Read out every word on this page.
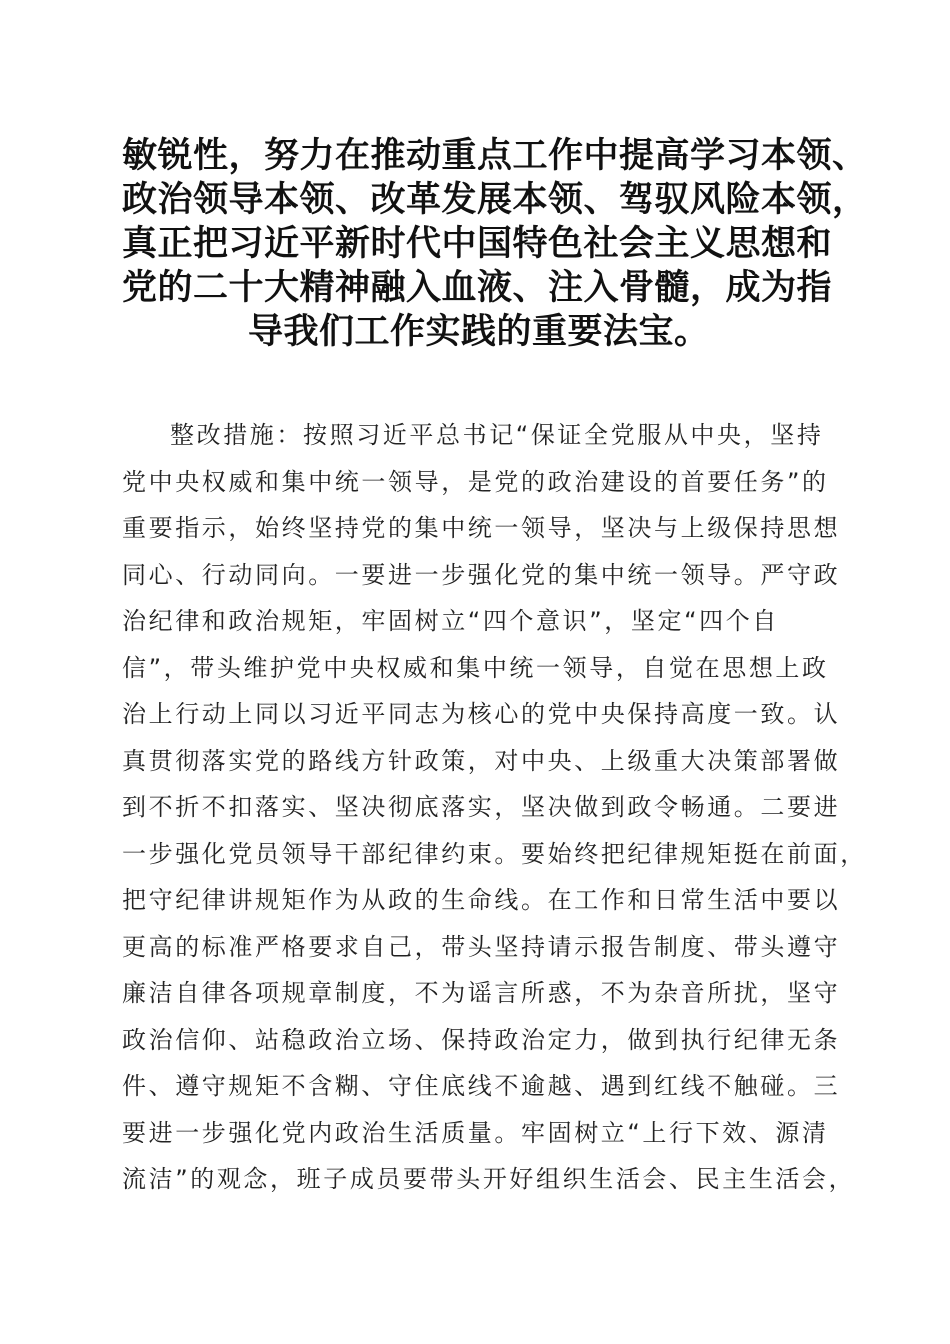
敏锐性，努力在推动重点工作中提高学习本领、
政治领导本领、改革发展本领、驾驭风险本领，
真正把习近平新时代中国特色社会主义思想和
党的二十大精神融入血液、注入骨髓，成为指
导我们工作实践的重要法宝。
整改措施：按照习近平总书记“保证全党服从中央，坚持
党中央权威和集中统一领导，是党的政治建设的首要任务”的
重要指示，始终坚持党的集中统一领导，坚决与上级保持思想
同心、行动同向。一要进一步强化党的集中统一领导。严守政
治纪律和政治规矩，牢固树立“四个意识”，坚定“四个自
信”，带头维护党中央权威和集中统一领导，自觉在思想上政
治上行动上同以习近平同志为核心的党中央保持高度一致。认
真贯彻落实党的路线方针政策，对中央、上级重大决策部署做
到不折不扣落实、坚决彻底落实，坚决做到政令畅通。二要进
一步强化党员领导干部纪律约束。要始终把纪律规矩挺在前面，
把守纪律讲规矩作为从政的生命线。在工作和日常生活中要以
更高的标准严格要求自己，带头坚持请示报告制度、带头遵守
廉洁自律各项规章制度，不为谣言所惑，不为杂音所扰，坚守
政治信仰、站稳政治立场、保持政治定力，做到执行纪律无条
件、遵守规矩不含糊、守住底线不逾越、遇到红线不触碰。三
要进一步强化党内政治生活质量。牢固树立“上行下效、源清
流洁”的观念，班子成员要带头开好组织生活会、民主生活会，
